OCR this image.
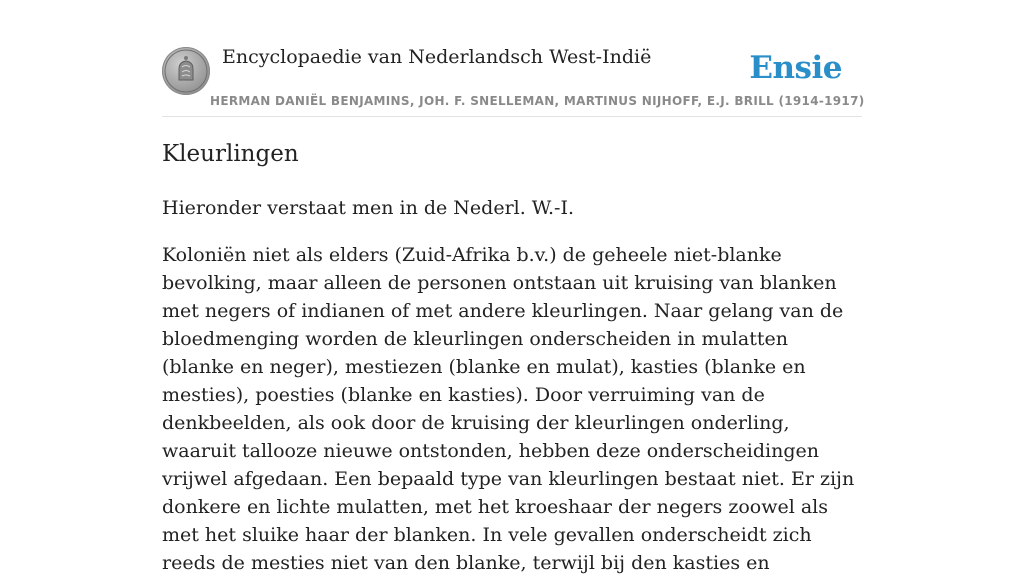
Encyclopaedie van Nederlandsch West-Indië	Ensie
HERMAN DANIËL BENJAMINS, JOH. F. SNELLEMAN, MARTINUS NIJHOFF, E.J. BRILL (1914-1917)
Kleurlingen

Hieronder verstaat men in de Nederl. W.-I.

Koloniën niet als elders (Zuid-Afrika b.v.) de geheele niet-blanke bevolking, maar alleen de personen ontstaan uit kruising van blanken met negers of indianen of met andere kleurlingen. Naar gelang van de bloedmenging worden de kleurlingen onderscheiden in mulatten (blanke en neger), mestiezen (blanke en mulat), kasties (blanke en mesties), poesties (blanke en kasties). Door verruiming van de denkbeelden, als ook door de kruising der kleurlingen onderling, waaruit tallooze nieuwe ontstonden, hebben deze onderscheidingen vrijwel afgedaan. Een bepaald type van kleurlingen bestaat niet. Er zijn donkere en lichte mulatten, met het kroeshaar der negers zoowel als met het sluike haar der blanken. In vele gevallen onderscheidt zich reeds de mesties niet van den blanke, terwijl bij den kasties en
